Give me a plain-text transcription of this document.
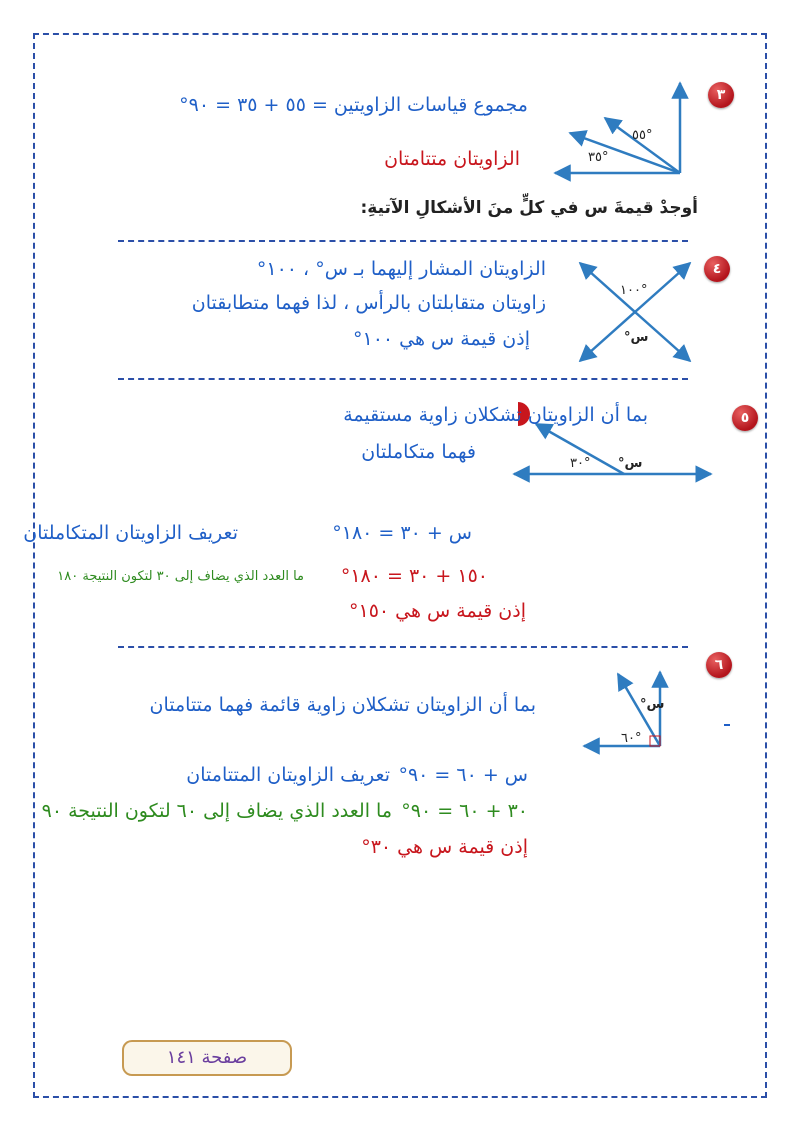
٣
°٥٥
°٣٥
مجموع قياسات الزاويتين = ٥٥ + ٣٥ = ٩٠°
الزاويتان متتامتان
أوجدْ قيمةَ س في كلٍّ منَ الأشكالِ الآتيةِ:
٤
°١٠٠
س°
الزاويتان المشار إليهما بـ س° ، ١٠٠°
زاويتان متقابلتان بالرأس ، لذا فهما متطابقتان
إذن قيمة س هي ١٠٠°
٥
°٣٠ س°
بما أن الزاويتان تشكلان زاوية مستقيمة
فهما متكاملتان
س + ٣٠ = ١٨٠°
تعريف الزاويتان المتكاملتان
١٥٠ + ٣٠ = ١٨٠°
ما العدد الذي يضاف إلى ٣٠ لتكون النتيجة ١٨٠
إذن قيمة س هي ١٥٠°
٦
س°
°٦٠
بما أن الزاويتان تشكلان زاوية قائمة فهما متتامتان
س + ٦٠ = ٩٠°
تعريف الزاويتان المتتامتان
٣٠ + ٦٠ = ٩٠°
ما العدد الذي يضاف إلى ٦٠ لتكون النتيجة ٩٠
إذن قيمة س هي ٣٠°
صفحة ١٤١
